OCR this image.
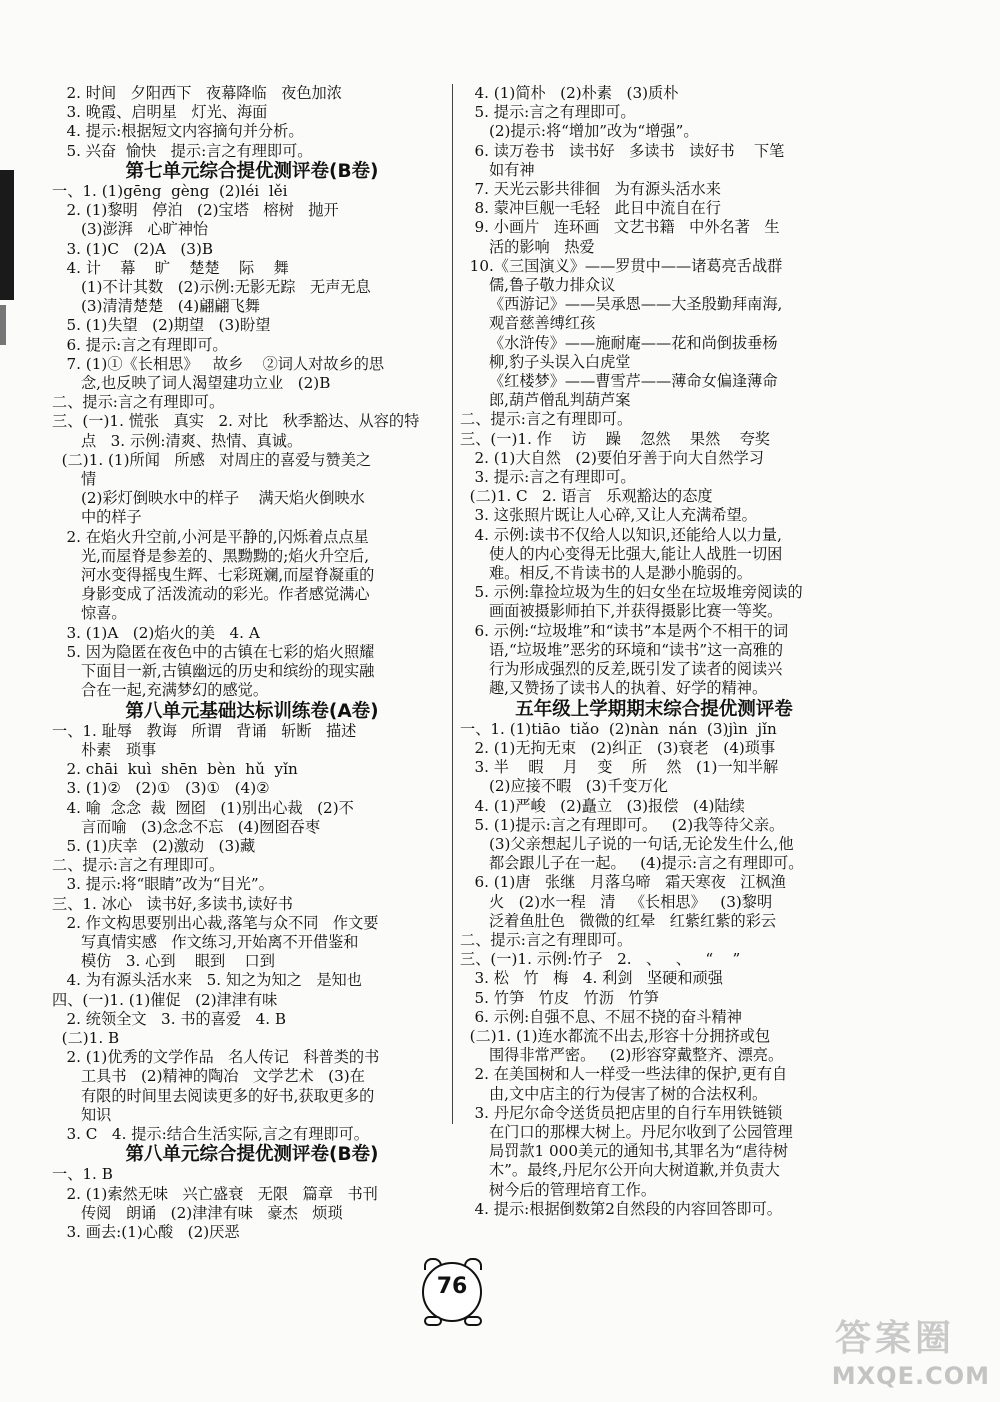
2. 时间   夕阳西下   夜幕降临   夜色加浓
3. 晚霞、启明星   灯光、海面
4. 提示:根据短文内容摘句并分析。
5. 兴奋  愉快   提示:言之有理即可。
第七单元综合提优测评卷(B卷)
一、1. (1)gēng  gèng  (2)léi  lěi
2. (1)黎明   停泊   (2)宝塔   榕树   抛开
(3)澎湃   心旷神怡
3. (1)C   (2)A   (3)B
4. 计    幕    旷    楚楚    际    舞
(1)不计其数   (2)示例:无影无踪   无声无息
(3)清清楚楚   (4)翩翩飞舞
5. (1)失望   (2)期望   (3)盼望
6. 提示:言之有理即可。
7. (1)①《长相思》   故乡    ②词人对故乡的思
念,也反映了词人渴望建功立业   (2)B
二、提示:言之有理即可。
三、(一)1. 慌张   真实   2. 对比   秋季豁达、从容的特
点   3. 示例:清爽、热情、真诚。
(二)1. (1)所闻   所感   对周庄的喜爱与赞美之
情
(2)彩灯倒映水中的样子    满天焰火倒映水
中的样子
2. 在焰火升空前,小河是平静的,闪烁着点点星
光,而屋脊是参差的、黑黝黝的;焰火升空后,
河水变得摇曳生辉、七彩斑斓,而屋脊凝重的
身影变成了活泼流动的彩光。作者感觉满心
惊喜。
3. (1)A   (2)焰火的美   4. A
5. 因为隐匿在夜色中的古镇在七彩的焰火照耀
下面目一新,古镇幽远的历史和缤纷的现实融
合在一起,充满梦幻的感觉。
第八单元基础达标训练卷(A卷)
一、1. 耻辱   教诲   所谓   背诵   斩断   描述
朴素   琐事
2. chāi  kuì  shēn  bèn  hǔ  yǐn
3. (1)②   (2)①   (3)①   (4)②
4. 喻  念念  裁  囫囵   (1)别出心裁   (2)不
言而喻   (3)念念不忘   (4)囫囵吞枣
5. (1)庆幸   (2)激动   (3)藏
二、提示:言之有理即可。
3. 提示:将“眼睛”改为“目光”。
三、1. 冰心   读书好,多读书,读好书
2. 作文构思要别出心裁,落笔与众不同   作文要
写真情实感   作文练习,开始离不开借鉴和
模仿   3. 心到    眼到    口到
4. 为有源头活水来   5. 知之为知之   是知也
四、(一)1. (1)催促   (2)津津有味
2. 统领全文   3. 书的喜爱   4. B
(二)1. B
2. (1)优秀的文学作品   名人传记   科普类的书
工具书   (2)精神的陶冶   文学艺术   (3)在
有限的时间里去阅读更多的好书,获取更多的
知识
3. C   4. 提示:结合生活实际,言之有理即可。
第八单元综合提优测评卷(B卷)
一、1. B
2. (1)索然无味   兴亡盛衰   无限   篇章   书刊
传阅   朗诵   (2)津津有味   豪杰   烦琐
3. 画去:(1)心酸   (2)厌恶
4. (1)简朴   (2)朴素   (3)质朴
5. 提示:言之有理即可。
(2)提示:将“增加”改为“增强”。
6. 读万卷书   读书好   多读书   读好书    下笔
如有神
7. 天光云影共徘徊   为有源头活水来
8. 蒙冲巨舰一毛轻   此日中流自在行
9. 小画片   连环画   文艺书籍   中外名著   生
活的影响   热爱
10.《三国演义》——罗贯中——诸葛亮舌战群
儒,鲁子敬力排众议
《西游记》——吴承恩——大圣殷勤拜南海,
观音慈善缚红孩
《水浒传》——施耐庵——花和尚倒拔垂杨
柳,豹子头误入白虎堂
《红楼梦》——曹雪芹——薄命女偏逢薄命
郎,葫芦僧乱判葫芦案
二、提示:言之有理即可。
三、(一)1. 作    访    躁    忽然    果然    夸奖
2. (1)大自然   (2)要伯牙善于向大自然学习
3. 提示:言之有理即可。
(二)1. C   2. 语言   乐观豁达的态度
3. 这张照片既让人心碎,又让人充满希望。
4. 示例:读书不仅给人以知识,还能给人以力量,
使人的内心变得无比强大,能让人战胜一切困
难。相反,不肯读书的人是渺小脆弱的。
5. 示例:靠捡垃圾为生的妇女坐在垃圾堆旁阅读的
画面被摄影师拍下,并获得摄影比赛一等奖。
6. 示例:“垃圾堆”和“读书”本是两个不相干的词
语,“垃圾堆”恶劣的环境和“读书”这一高雅的
行为形成强烈的反差,既引发了读者的阅读兴
趣,又赞扬了读书人的执着、好学的精神。
五年级上学期期末综合提优测评卷
一、1. (1)tiāo  tiǎo  (2)nàn  nán  (3)jìn  jǐn
2. (1)无拘无束   (2)纠正   (3)衰老   (4)琐事
3. 半    暇    月    变    所    然   (1)一知半解
(2)应接不暇   (3)千变万化
4. (1)严峻   (2)矗立   (3)报偿   (4)陆续
5. (1)提示:言之有理即可。   (2)我等待父亲。
(3)父亲想起儿子说的一句话,无论发生什么,他
都会跟儿子在一起。   (4)提示:言之有理即可。
6. (1)唐   张继   月落乌啼   霜天寒夜   江枫渔
火   (2)水一程   清   《长相思》   (3)黎明
泛着鱼肚色   微微的红晕   红紫红紫的彩云
二、提示:言之有理即可。
三、(一)1. 示例:竹子   2.   、   、   “    ”
3. 松   竹   梅   4. 利剑   坚硬和顽强
5. 竹笋   竹皮   竹沥   竹笋
6. 示例:自强不息、不屈不挠的奋斗精神
(二)1. (1)连水都流不出去,形容十分拥挤或包
围得非常严密。   (2)形容穿戴整齐、漂亮。
2. 在美国树和人一样受一些法律的保护,更有自
由,文中店主的行为侵害了树的合法权利。
3. 丹尼尔命令送货员把店里的自行车用铁链锁
在门口的那棵大树上。丹尼尔收到了公园管理
局罚款1 000美元的通知书,其罪名为“虐待树
木”。最终,丹尼尔公开向大树道歉,并负责大
树今后的管理培育工作。
4. 提示:根据倒数第2自然段的内容回答即可。
76
答案圈
MXQE.COM
